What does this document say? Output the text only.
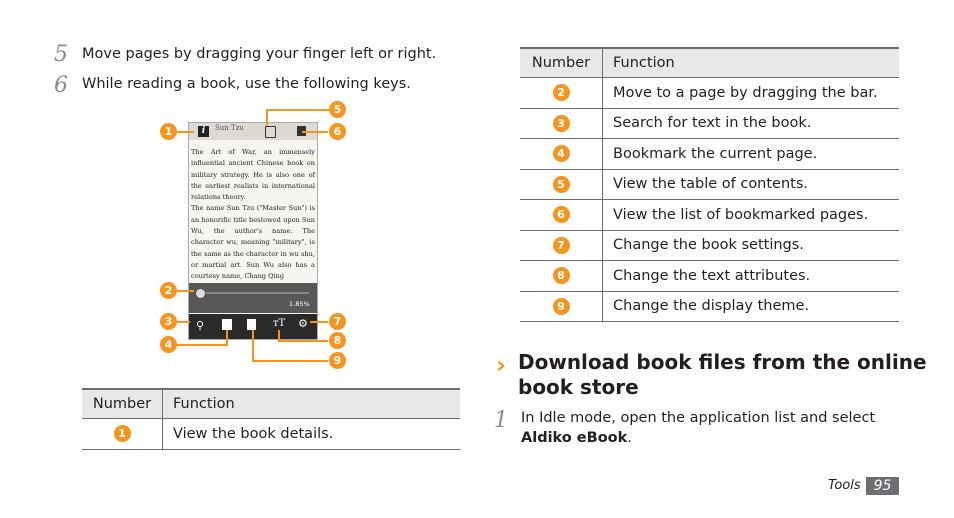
5 Move pages by dragging your finger left or right.
6 While reading a book, use the following keys.
i	Sun Tzu
The Art of War, an immensely influential ancient Chinese book on military strategy. He is also one of the earliest realists in international relations theory.
The name Sun Tzu ("Master Sun") is an honorific title bestowed upon Sun Wu, the author's name. The character wu, meaning "military", is the same as the character in wu shu, or martial art. Sun Wu also has a courtesy name, Chang Qing
1.85%
⚲	тT ⚙
1
2
3
4
5
6
7
8
9
Number	Function
1	View the book details.
Number	Function
2	Move to a page by dragging the bar.
3	Search for text in the book.
4	Bookmark the current page.
5	View the table of contents.
6	View the list of bookmarked pages.
7	Change the book settings.
8	Change the text attributes.
9	Change the display theme.
› Download book files from the online
book store
1 In Idle mode, open the application list and select
Aldiko eBook.
Tools 95
